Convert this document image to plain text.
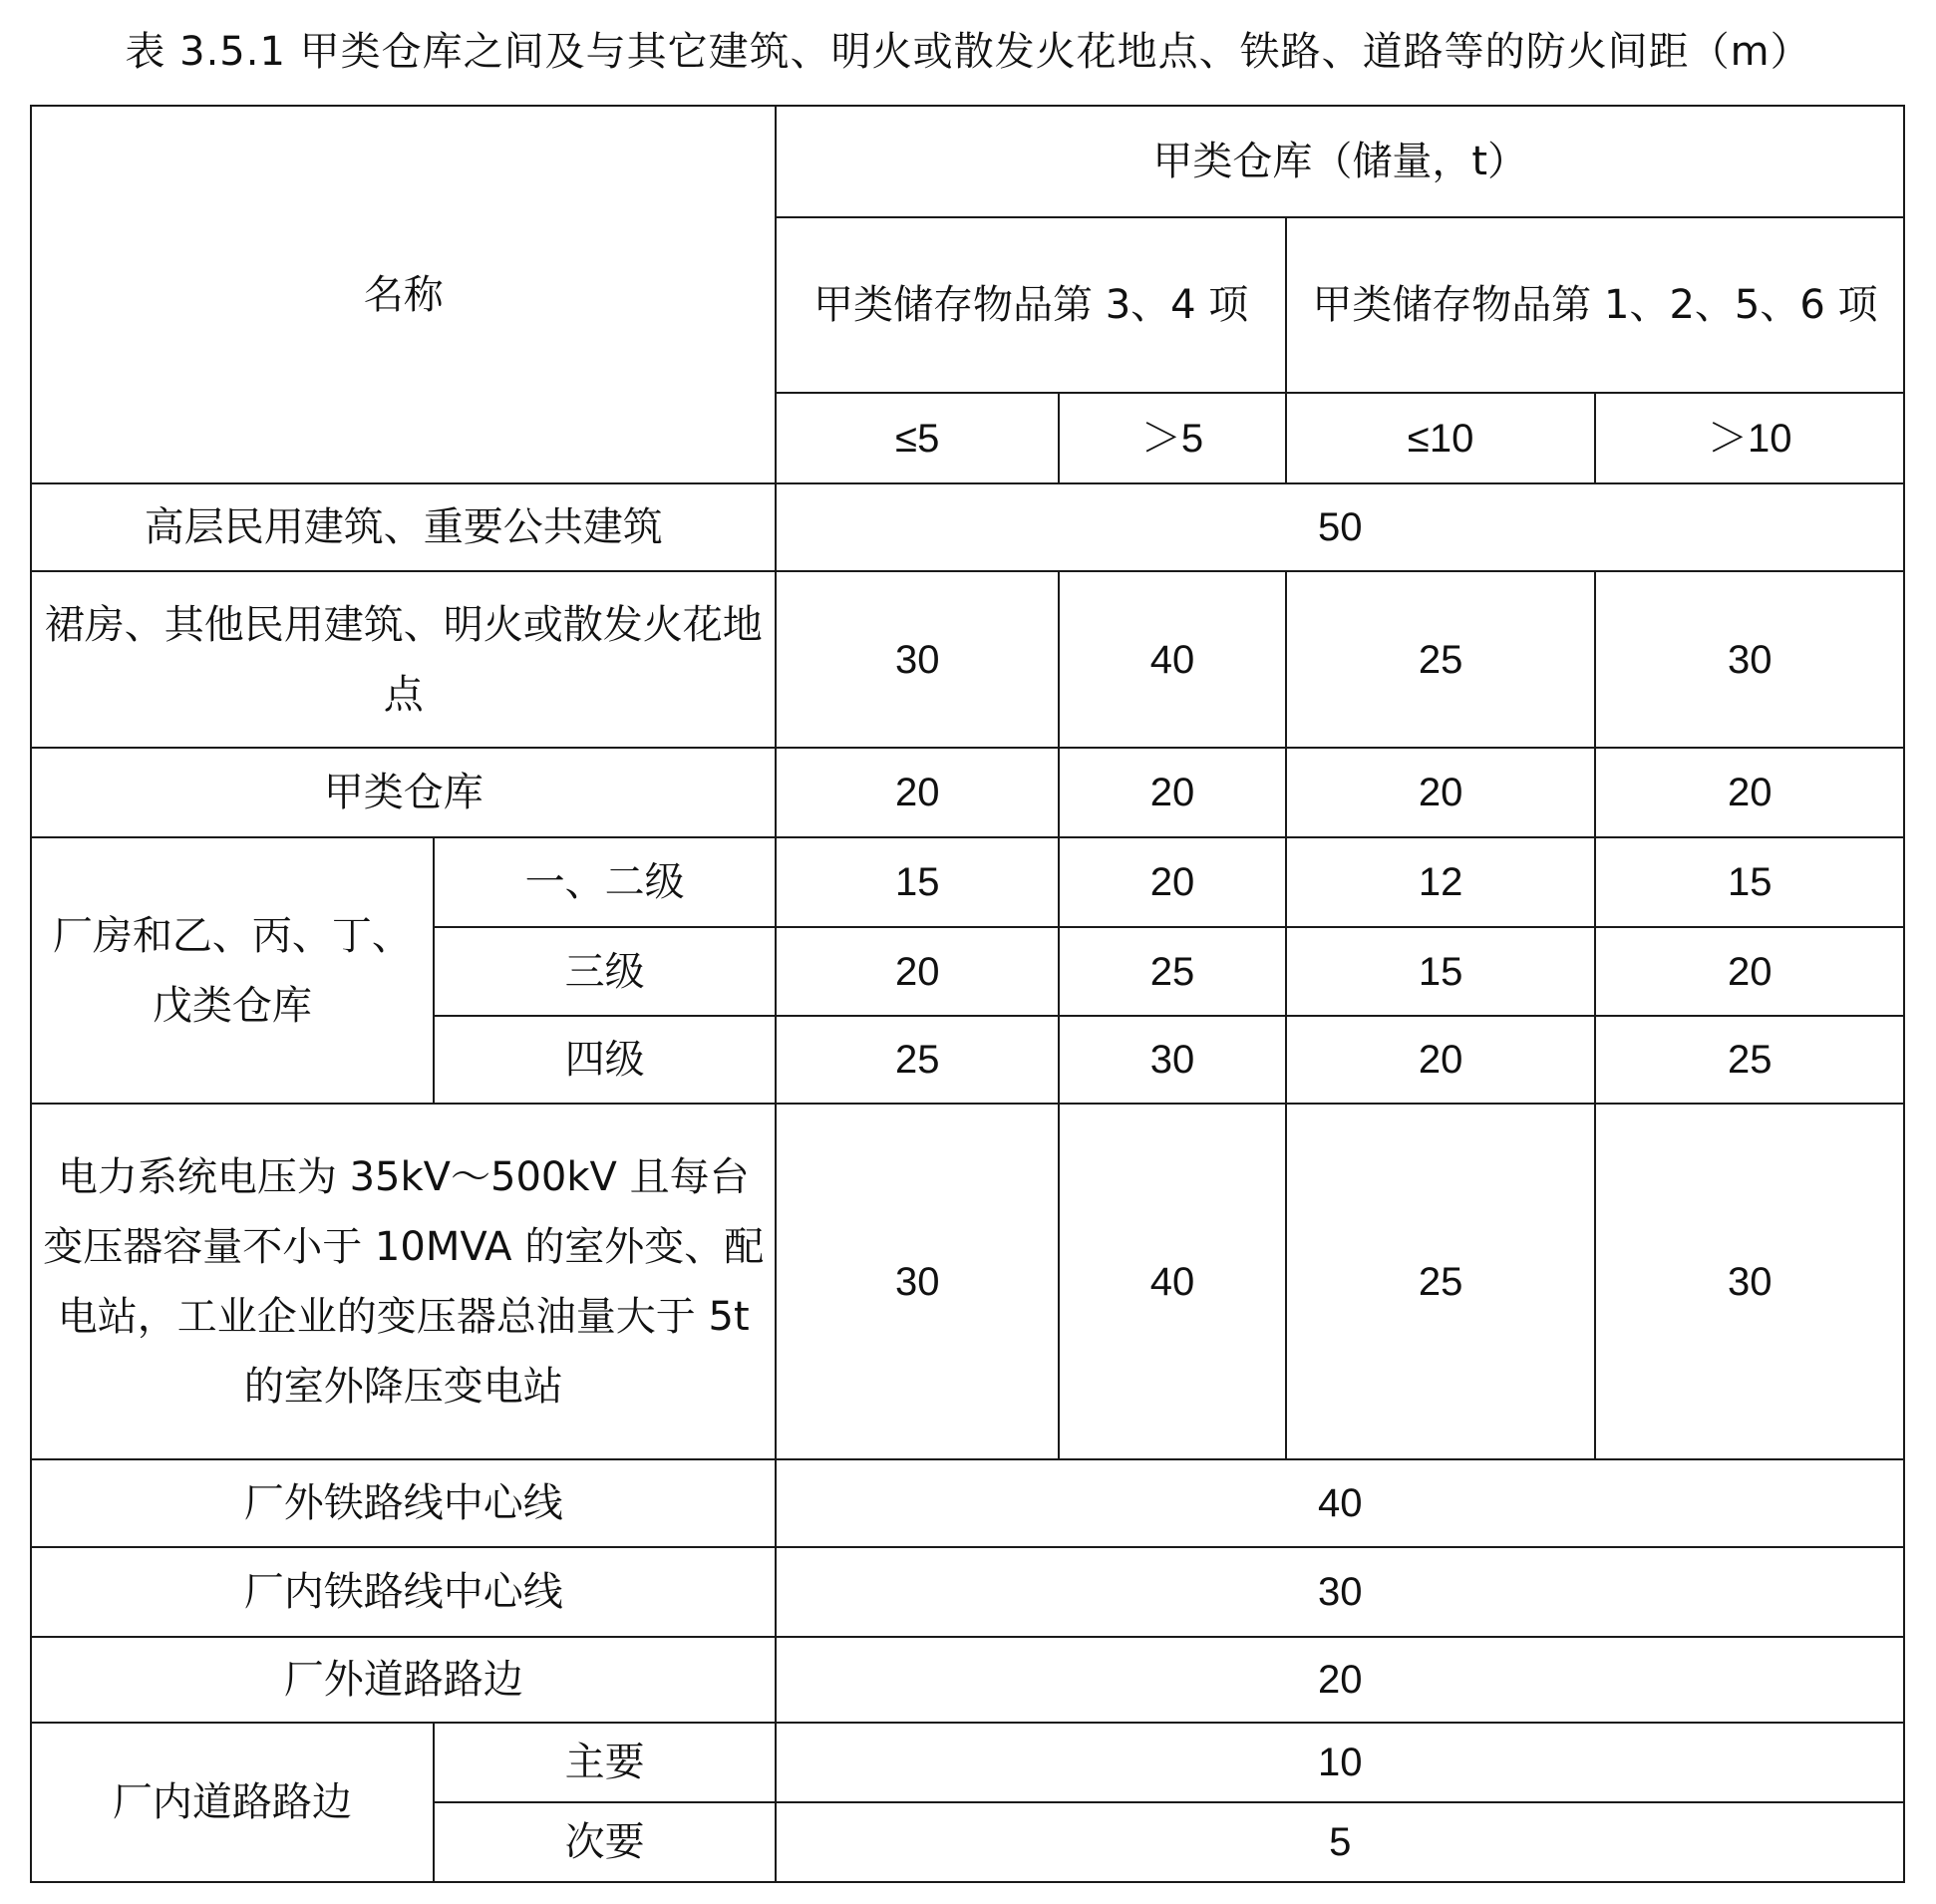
表 3.5.1 甲类仓库之间及与其它建筑、明火或散发火花地点、铁路、道路等的防火间距（m）
名称		甲类仓库（储量，t）			
		甲类储存物品第 3、4 项		甲类储存物品第 1、2、5、6 项	
		≤5	＞5	≤10	＞10
高层民用建筑、重要公共建筑		50			
裙房、其他民用建筑、明火或散发火花地点		30	40	25	30
甲类仓库		20	20	20	20
厂房和乙、丙、丁、戊类仓库	一、二级	15	20	12	15
	三级	20	25	15	20
	四级	25	30	20	25
电力系统电压为 35kV～500kV 且每台变压器容量不小于 10MVA 的室外变、配电站，工业企业的变压器总油量大于 5t 的室外降压变电站		30	40	25	30
厂外铁路线中心线		40			
厂内铁路线中心线		30			
厂外道路路边		20			
厂内道路路边	主要	10			
	次要	5			
